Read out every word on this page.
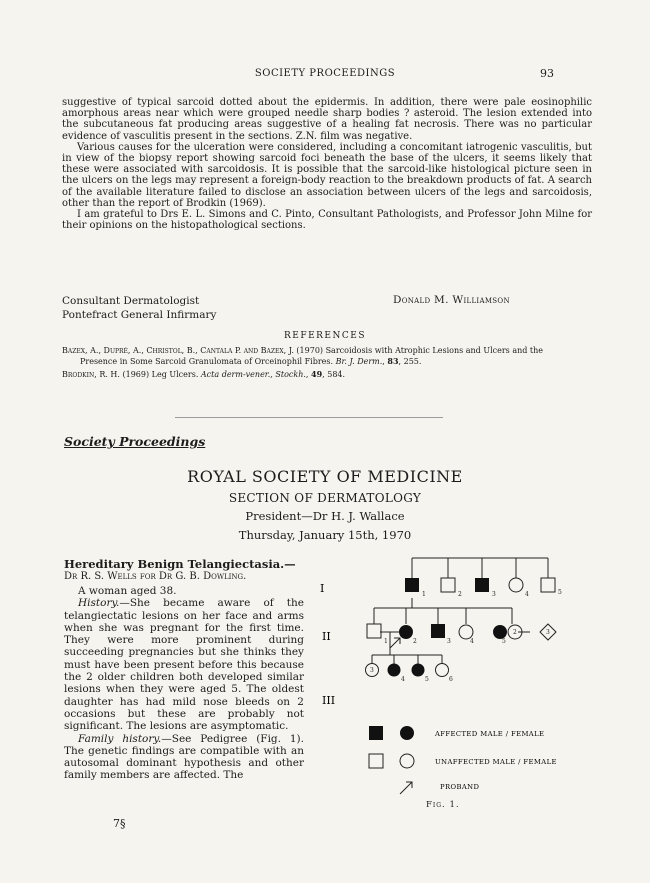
SOCIETY PROCEEDINGS	93

suggestive of typical sarcoid dotted about the epidermis. In addition, there were pale eosinophilic amorphous areas near which were grouped needle sharp bodies ? asteroid. The lesion extended into the subcutaneous fat producing areas suggestive of a healing fat necrosis. There was no particular evidence of vasculitis present in the sections. Z.N. film was negative.

Various causes for the ulceration were considered, including a concomitant iatrogenic vasculitis, but in view of the biopsy report showing sarcoid foci beneath the base of the ulcers, it seems likely that these were associated with sarcoidosis. It is possible that the sarcoid-like histological picture seen in the ulcers on the legs may represent a foreign-body reaction to the breakdown products of fat. A search of the available literature failed to disclose an association between ulcers of the legs and sarcoidosis, other than the report of Brodkin (1969).

I am grateful to Drs E. L. Simons and C. Pinto, Consultant Pathologists, and Professor John Milne for their opinions on the histopathological sections.

Consultant Dermatologist
Pontefract General Infirmary
Donald M. Williamson
REFERENCES

Bazex, A., Dupré, A., Christol, B., Cantala P. and Bazex, J. (1970) Sarcoidosis with Atrophic Lesions and Ulcers and the Presence in Some Sarcoid Granulomata of Orceinophil Fibres. Br. J. Derm., 83, 255.

Brodkin, R. H. (1969) Leg Ulcers. Acta derm-vener., Stockh., 49, 584.

Society Proceedings
ROYAL SOCIETY OF MEDICINE
SECTION OF DERMATOLOGY
President—Dr H. J. Wallace
Thursday, January 15th, 1970
Hereditary Benign Telangiectasia.—
Dr R. S. Wells for Dr G. B. Dowling.

A woman aged 38.

History.—She became aware of the telangiectatic lesions on her face and arms when she was pregnant for the first time. They were more prominent during succeeding pregnancies but she thinks they must have been present before this because the 2 older children both developed similar lesions when they were aged 5. The oldest daughter has had mild nose bleeds on 2 occasions but these are probably not significant. The lesions are asymptomatic.

Family history.—See Pedigree (Fig. 1). The genetic findings are compatible with an autosomal dominant hypothesis and other family members are affected. The

7§
I
II
III
1	2	3	4	5
1	2	3	4	5
2	3
3
4	5	6
AFFECTED MALE / FEMALE
UNAFFECTED MALE / FEMALE
PROBAND
Fig. 1.
